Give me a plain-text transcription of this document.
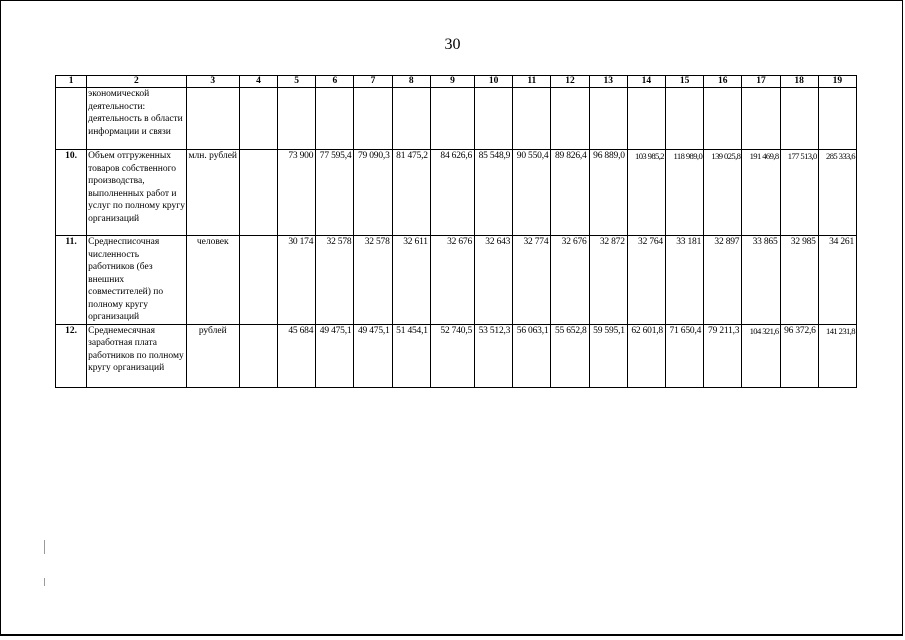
30
1	2	3	4	5	6	7	8	9	10	11	12	13	14	15	16	17	18	19
	экономической деятельности: деятельность в области информации и связи																	
10.	Объем отгруженных товаров собственного производства, выполненных работ и услуг по полному кругу организаций	млн. рублей		73 900	77 595,4	79 090,3	81 475,2	84 626,6	85 548,9	90 550,4	89 826,4	96 889,0	103 985,2	118 989,0	139 025,8	191 469,8	177 513,0	285 333,6
11.	Среднесписочная численность работников (без внешних совместителей) по полному кругу организаций	человек		30 174	32 578	32 578	32 611	32 676	32 643	32 774	32 676	32 872	32 764	33 181	32 897	33 865	32 985	34 261
12.	Среднемесячная заработная плата работников по полному кругу организаций	рублей		45 684	49 475,1	49 475,1	51 454,1	52 740,5	53 512,3	56 063,1	55 652,8	59 595,1	62 601,8	71 650,4	79 211,3	104 321,6	96 372,6	141 231,8
